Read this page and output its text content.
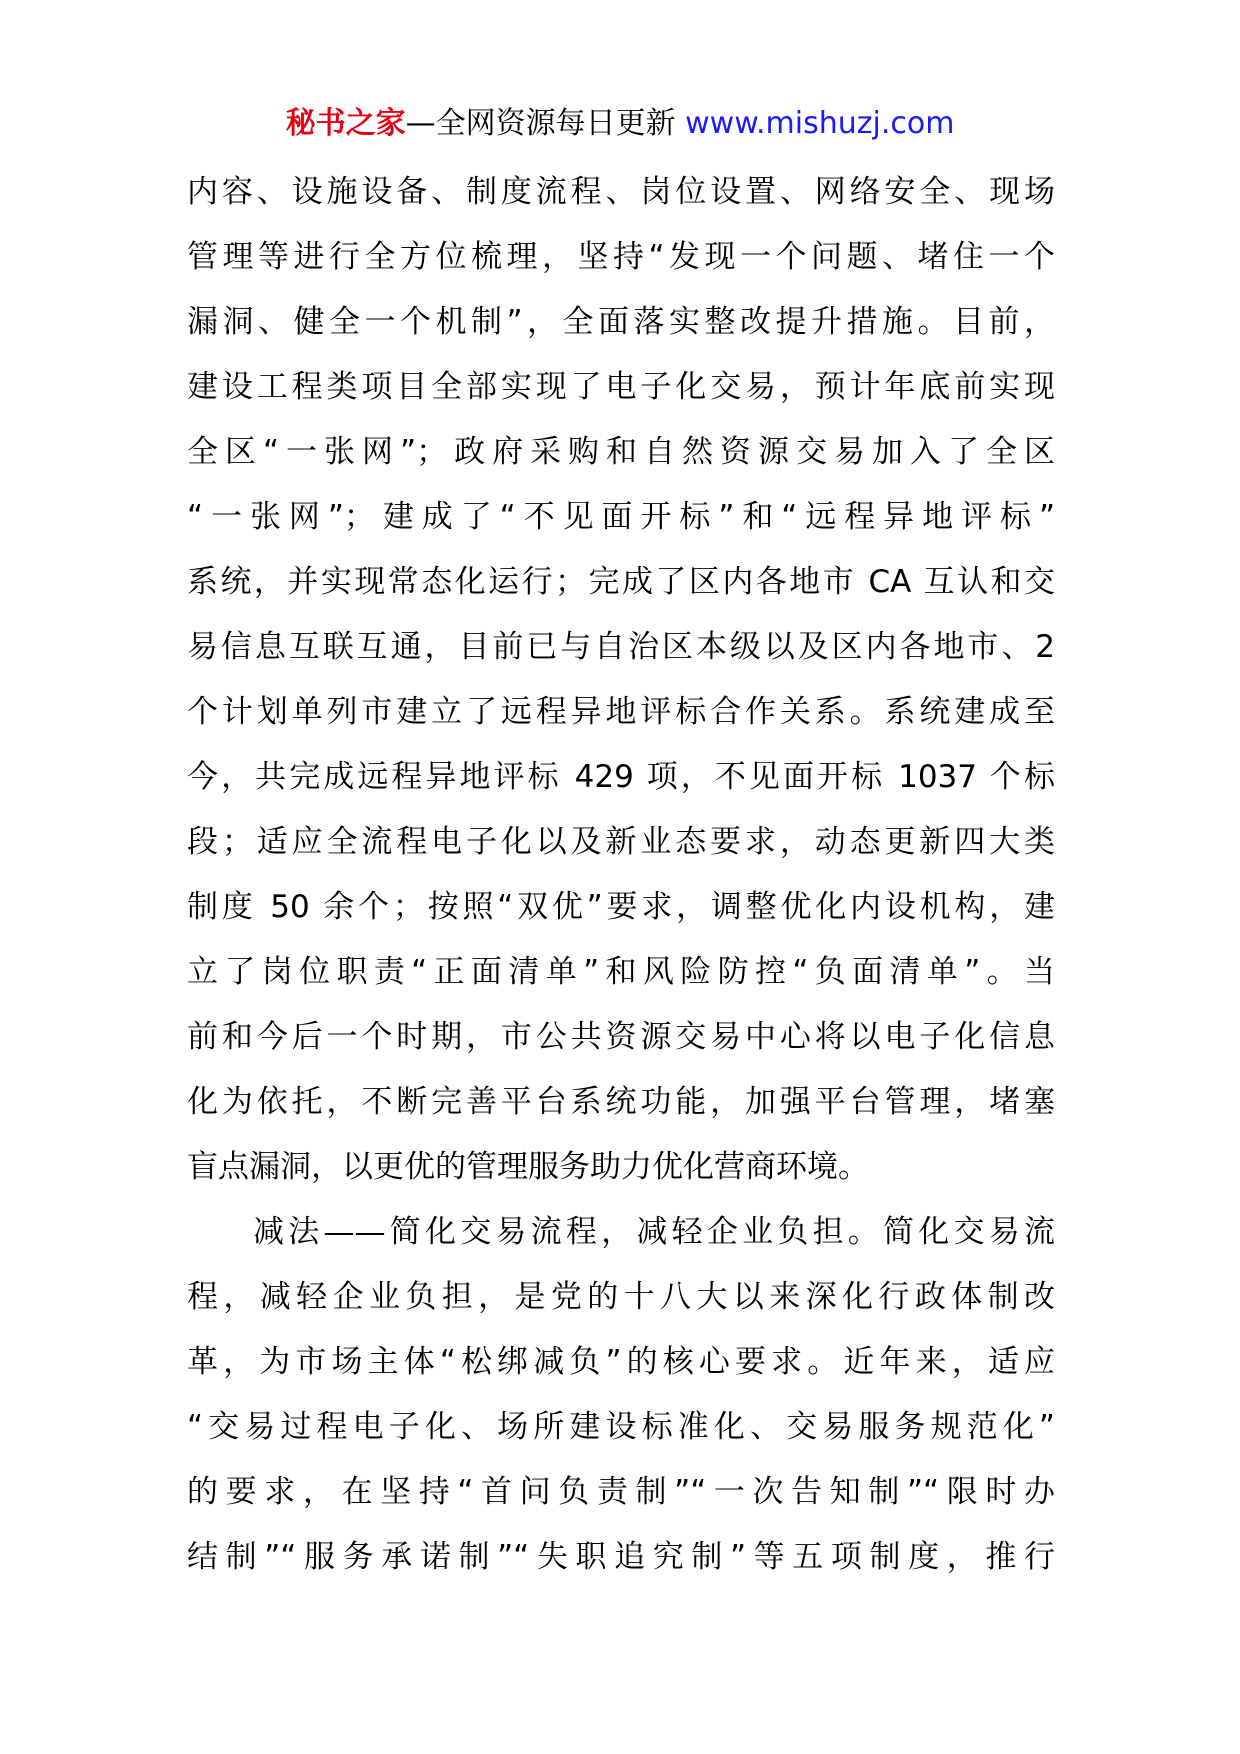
秘书之家—全网资源每日更新 www.mishuzj.com
内容、设施设备、制度流程、岗位设置、网络安全、现场
管理等进行全方位梳理，坚持“发现一个问题、堵住一个
漏洞、健全一个机制”，全面落实整改提升措施。目前，
建设工程类项目全部实现了电子化交易，预计年底前实现
全区“一张网”；政府采购和自然资源交易加入了全区
“一张网”；建成了“不见面开标”和“远程异地评标”
系统，并实现常态化运行；完成了区内各地市 CA 互认和交
易信息互联互通，目前已与自治区本级以及区内各地市、2
个计划单列市建立了远程异地评标合作关系。系统建成至
今，共完成远程异地评标 429 项，不见面开标 1037 个标
段；适应全流程电子化以及新业态要求，动态更新四大类
制度 50 余个；按照“双优”要求，调整优化内设机构，建
立了岗位职责“正面清单”和风险防控“负面清单”。当
前和今后一个时期，市公共资源交易中心将以电子化信息
化为依托，不断完善平台系统功能，加强平台管理，堵塞
盲点漏洞，以更优的管理服务助力优化营商环境。
减法——简化交易流程，减轻企业负担。简化交易流
程，减轻企业负担，是党的十八大以来深化行政体制改
革，为市场主体“松绑减负”的核心要求。近年来，适应
“交易过程电子化、场所建设标准化、交易服务规范化”
的要求，在坚持“首问负责制”“一次告知制”“限时办
结制”“服务承诺制”“失职追究制”等五项制度，推行
